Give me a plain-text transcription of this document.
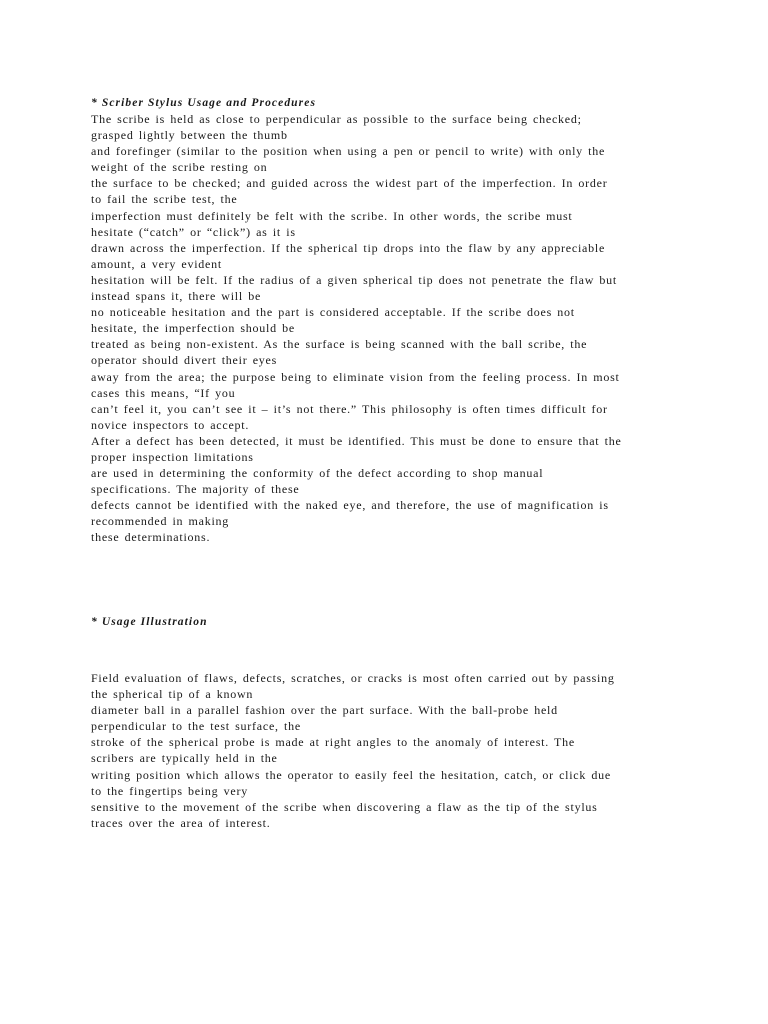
* Scriber Stylus Usage and Procedures
The scribe is held as close to perpendicular as possible to the surface being checked;
grasped lightly between the thumb
and forefinger (similar to the position when using a pen or pencil to write) with only the
weight of the scribe resting on
the surface to be checked; and guided across the widest part of the imperfection. In order
to fail the scribe test, the
imperfection must definitely be felt with the scribe. In other words, the scribe must
hesitate (“catch” or “click”) as it is
drawn across the imperfection. If the spherical tip drops into the flaw by any appreciable
amount, a very evident
hesitation will be felt. If the radius of a given spherical tip does not penetrate the flaw but
instead spans it, there will be
no noticeable hesitation and the part is considered acceptable. If the scribe does not
hesitate, the imperfection should be
treated as being non-existent. As the surface is being scanned with the ball scribe, the
operator should divert their eyes
away from the area; the purpose being to eliminate vision from the feeling process. In most
cases this means, “If you
can’t feel it, you can’t see it – it’s not there.” This philosophy is often times difficult for
novice inspectors to accept.
After a defect has been detected, it must be identified. This must be done to ensure that the
proper inspection limitations
are used in determining the conformity of the defect according to shop manual
specifications. The majority of these
defects cannot be identified with the naked eye, and therefore, the use of magnification is
recommended in making
these determinations.
* Usage Illustration
Field evaluation of flaws, defects, scratches, or cracks is most often carried out by passing
the spherical tip of a known
diameter ball in a parallel fashion over the part surface. With the ball-probe held
perpendicular to the test surface, the
stroke of the spherical probe is made at right angles to the anomaly of interest. The
scribers are typically held in the
writing position which allows the operator to easily feel the hesitation, catch, or click due
to the fingertips being very
sensitive to the movement of the scribe when discovering a flaw as the tip of the stylus
traces over the area of interest.
